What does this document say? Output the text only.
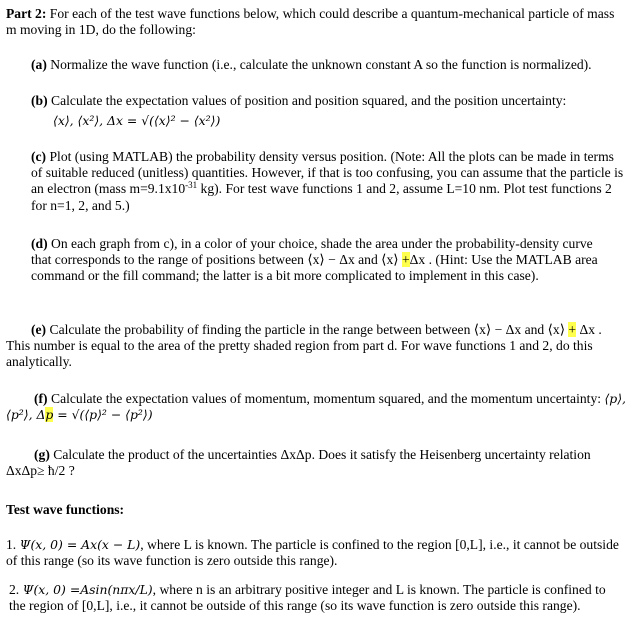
Part 2: For each of the test wave functions below, which could describe a quantum-mechanical particle of mass m moving in 1D, do the following:
(a) Normalize the wave function (i.e., calculate the unknown constant A so the function is normalized).
(b) Calculate the expectation values of position and position squared, and the position uncertainty:
⟨x⟩, ⟨x²⟩, Δx = √(⟨x⟩² − ⟨x²⟩)
(c) Plot (using MATLAB) the probability density versus position. (Note: All the plots can be made in terms of suitable reduced (unitless) quantities. However, if that is too confusing, you can assume that the particle is an electron (mass $m=9.1x10^{-31}$ kg). For test wave functions 1 and 2, assume L=10 nm. Plot test functions 2 for n=1, 2, and 5.)
(d) On each graph from c), in a color of your choice, shade the area under the probability-density curve that corresponds to the range of positions between ⟨x⟩ − Δx and ⟨x⟩ +Δx . (Hint: Use the MATLAB area command or the fill command; the latter is a bit more complicated to implement in this case).
(e) Calculate the probability of finding the particle in the range between between ⟨x⟩ − Δx and ⟨x⟩ + Δx . This number is equal to the area of the pretty shaded region from part d. For wave functions 1 and 2, do this analytically.
(f) Calculate the expectation values of momentum, momentum squared, and the momentum uncertainty: ⟨p⟩, ⟨p²⟩, Δp = √(⟨p⟩² − ⟨p²⟩)
(g) Calculate the product of the uncertainties ΔxΔp. Does it satisfy the Heisenberg uncertainty relation ΔxΔp≥ ħ/2 ?
Test wave functions:
1. Ψ(x, 0) = Ax(x − L), where L is known. The particle is confined to the region [0,L], i.e., it cannot be outside of this range (so its wave function is zero outside this range).
2. Ψ(x, 0) =Asin(nπx/L), where n is an arbitrary positive integer and L is known. The particle is confined to the region of [0,L], i.e., it cannot be outside of this range (so its wave function is zero outside this range).
